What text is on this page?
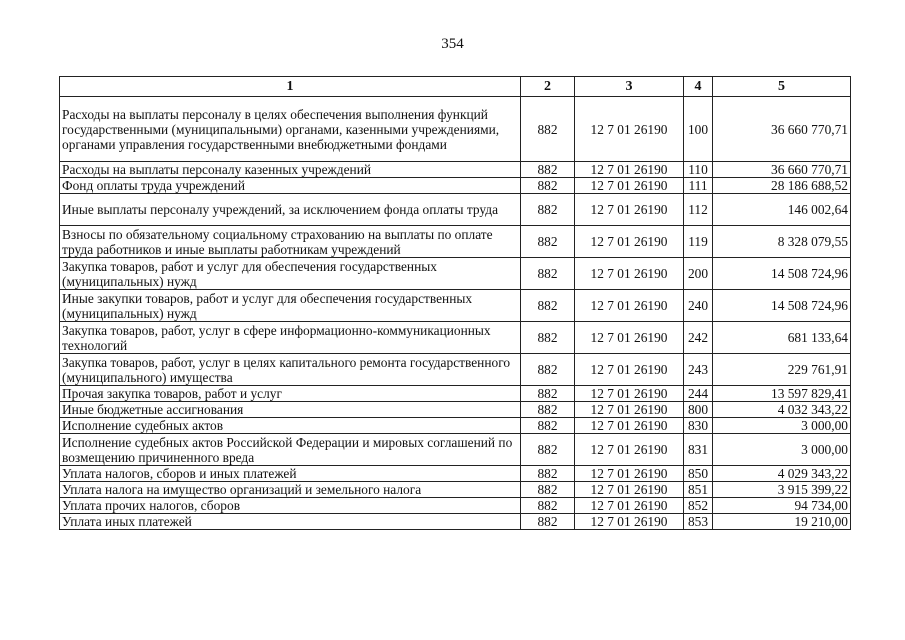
354
1	2	3	4	5
Расходы на выплаты персоналу в целях обеспечения выполнения функций государственными (муниципальными) органами, казенными учреждениями, органами управления государственными внебюджетными фондами	882	12 7 01 26190	100	36 660 770,71
Расходы на выплаты персоналу казенных учреждений	882	12 7 01 26190	110	36 660 770,71
Фонд оплаты труда учреждений	882	12 7 01 26190	111	28 186 688,52
Иные выплаты персоналу учреждений, за исключением фонда оплаты труда	882	12 7 01 26190	112	146 002,64
Взносы по обязательному социальному страхованию на выплаты по оплате труда работников и иные выплаты работникам учреждений	882	12 7 01 26190	119	8 328 079,55
Закупка товаров, работ и услуг для обеспечения государственных (муниципальных) нужд	882	12 7 01 26190	200	14 508 724,96
Иные закупки товаров, работ и услуг для обеспечения государственных (муниципальных) нужд	882	12 7 01 26190	240	14 508 724,96
Закупка товаров, работ, услуг в сфере информационно-коммуникационных технологий	882	12 7 01 26190	242	681 133,64
Закупка товаров, работ, услуг в целях капитального ремонта государственного (муниципального) имущества	882	12 7 01 26190	243	229 761,91
Прочая закупка товаров, работ и услуг	882	12 7 01 26190	244	13 597 829,41
Иные бюджетные ассигнования	882	12 7 01 26190	800	4 032 343,22
Исполнение судебных актов	882	12 7 01 26190	830	3 000,00
Исполнение судебных актов Российской Федерации и мировых соглашений по возмещению причиненного вреда	882	12 7 01 26190	831	3 000,00
Уплата налогов, сборов и иных платежей	882	12 7 01 26190	850	4 029 343,22
Уплата налога на имущество организаций и земельного налога	882	12 7 01 26190	851	3 915 399,22
Уплата прочих налогов, сборов	882	12 7 01 26190	852	94 734,00
Уплата иных платежей	882	12 7 01 26190	853	19 210,00
